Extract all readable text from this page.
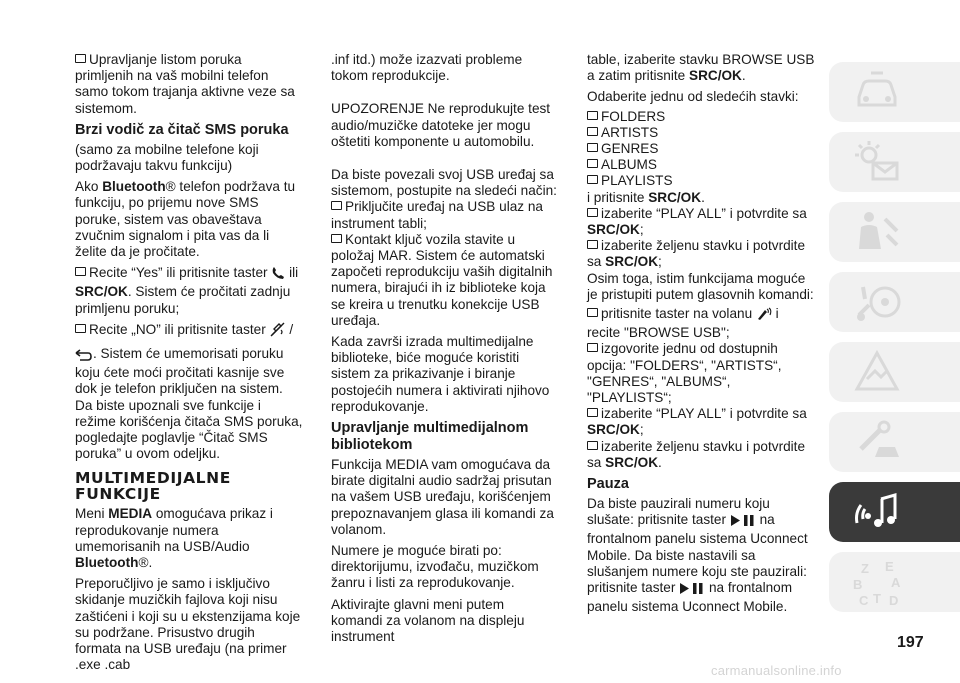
Upravljanje listom poruka primljenih na vaš mobilni telefon samo tokom trajanja aktivne veze sa sistemom.

Brzi vodič za čitač SMS poruka

(samo za mobilne telefone koji podržavaju takvu funkciju)

Ako Bluetooth® telefon podržava tu funkciju, po prijemu nove SMS poruke, sistem vas obaveštava zvučnim signalom i pita vas da li želite da je pročitate.

Recite “Yes” ili pritisnite taster  ili SRC/OK. Sistem će pročitati zadnju primljenu poruku;

Recite „NO” ili pritisnite taster  /

. Sistem će umemorisati poruku koju ćete moći pročitati kasnije sve dok je telefon priključen na sistem. Da biste upoznali sve funkcije i režime korišćenja čitača SMS poruka, pogledajte poglavlje “Čitač SMS poruka” u ovom odeljku.

MULTIMEDIJALNE
FUNKCIJE

Meni MEDIA omogućava prikaz i reprodukovanje numera umemorisanih na USB/Audio Bluetooth®.

Preporučljivo je samo i isključivo skidanje muzičkih fajlova koji nisu zaštićeni i koji su u ekstenzijama koje su podržane. Prisustvo drugih formata na USB uređaju (na primer .exe .cab

.inf itd.) može izazvati probleme tokom reprodukcije.

UPOZORENJE Ne reprodukujte test audio/muzičke datoteke jer mogu oštetiti komponente u automobilu.

Da biste povezali svoj USB uređaj sa sistemom, postupite na sledeći način:

Priključite uređaj na USB ulaz na instrument tabli;

Kontakt ključ vozila stavite u položaj MAR. Sistem će automatski započeti reprodukciju vaših digitalnih numera, birajući ih iz biblioteke koja se kreira u trenutku konekcije USB uređaja.

Kada završi izrada multimedijalne biblioteke, biće moguće koristiti sistem za prikazivanje i biranje postojećih numera i aktivirati njihovo reprodukovanje.

Upravljanje multimedijalnom bibliotekom

Funkcija MEDIA vam omogućava da birate digitalni audio sadržaj prisutan na vašem USB uređaju, korišćenjem prepoznavanjem glasa ili komandi za volanom.

Numere je moguće birati po: direktorijumu, izvođaču, muzičkom žanru i listi za reprodukovanje.

Aktivirajte glavni meni putem komandi za volanom na displeju instrument

table, izaberite stavku BROWSE USB a zatim pritisnite SRC/OK.

Odaberite jednu od sledećih stavki:
FOLDERS
ARTISTS
GENRES
ALBUMS
PLAYLISTS
i pritisnite SRC/OK.
izaberite “PLAY ALL” i potvrdite sa SRC/OK;
izaberite željenu stavku i potvrdite sa SRC/OK;

Osim toga, istim funkcijama moguće je pristupiti putem glasovnih komandi:

pritisnite taster na volanu  i recite "BROWSE USB";
izgovorite jednu od dostupnih opcija: "FOLDERS“, "ARTISTS“, "GENRES“, "ALBUMS“, "PLAYLISTS“;
izaberite “PLAY ALL” i potvrdite sa SRC/OK;

izaberite željenu stavku i potvrdite sa SRC/OK.

Pauza

Da biste pauzirali numeru koju slušate: pritisnite taster  na frontalnom panelu sistema Uconnect Mobile. Da biste nastavili sa slušanjem numere koju ste pauzirali: pritisnite taster  na frontalnom panelu sistema Uconnect Mobile.

Z E
B A
C T D
197
carmanualsonline.info
